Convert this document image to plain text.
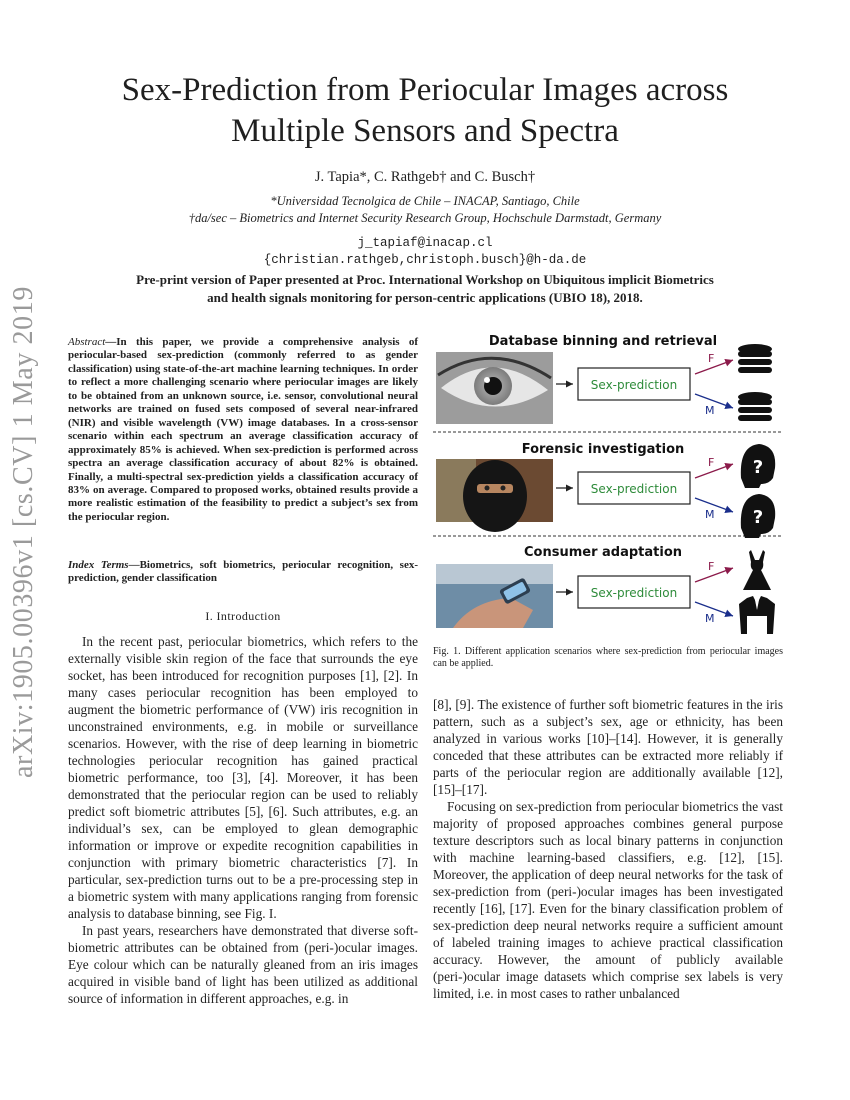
arXiv:1905.00396v1 [cs.CV] 1 May 2019
Sex-Prediction from Periocular Images across
Multiple Sensors and Spectra
J. Tapia*, C. Rathgeb† and C. Busch†
*Universidad Tecnolgica de Chile – INACAP, Santiago, Chile
†da/sec – Biometrics and Internet Security Research Group, Hochschule Darmstadt, Germany
j_tapiaf@inacap.cl
{christian.rathgeb,christoph.busch}@h-da.de
Pre-print version of Paper presented at Proc. International Workshop on Ubiquitous implicit Biometrics
and health signals monitoring for person-centric applications (UBIO 18), 2018.
Abstract—In this paper, we provide a comprehensive analysis of periocular-based sex-prediction (commonly referred to as gender classification) using state-of-the-art machine learning techniques. In order to reflect a more challenging scenario where periocular images are likely to be obtained from an unknown source, i.e. sensor, convolutional neural networks are trained on fused sets composed of several near-infrared (NIR) and visible wavelength (VW) image databases. In a cross-sensor scenario within each spectrum an average classification accuracy of approximately 85% is achieved. When sex-prediction is performed across spectra an average classification accuracy of about 82% is obtained. Finally, a multi-spectral sex-prediction yields a classification accuracy of 83% on average. Compared to proposed works, obtained results provide a more realistic estimation of the feasibility to predict a subject’s sex from the periocular region.
Index Terms—Biometrics, soft biometrics, periocular recognition, sex-prediction, gender classification
I. Introduction

In the recent past, periocular biometrics, which refers to the externally visible skin region of the face that surrounds the eye socket, has been introduced for recognition purposes [1], [2]. In many cases periocular recognition has been employed to augment the biometric performance of (VW) iris recognition in unconstrained environments, e.g. in mobile or surveillance scenarios. However, with the rise of deep learning in biometric technologies periocular recognition has gained practical biometric performance, too [3], [4]. Moreover, it has been demonstrated that the periocular region can be used to reliably predict soft biometric attributes [5], [6]. Such attributes, e.g. an individual’s sex, can be employed to glean demographic information or improve or expedite recognition capabilities in conjunction with primary biometric characteristics [7]. In particular, sex-prediction turns out to be a pre-processing step in a biometric system with many applications ranging from forensic analysis to database binning, see Fig. I.

In past years, researchers have demonstrated that diverse soft-biometric attributes can be obtained from (peri-)ocular images. Eye colour which can be naturally gleaned from an iris images acquired in visible band of light has been utilized as additional source of information in different approaches, e.g. in

Database binning and retrieval
Forensic investigation
Consumer adaptation
Sex-prediction
Sex-prediction
Sex-prediction
F
M
F
M
F
M
?
?
Fig. 1. Different application scenarios where sex-prediction from periocular images can be applied.

[8], [9]. The existence of further soft biometric features in the iris pattern, such as a subject’s sex, age or ethnicity, has been analyzed in various works [10]–[14]. However, it is generally conceded that these attributes can be extracted more reliably if parts of the periocular region are additionally available [12], [15]–[17].

Focusing on sex-prediction from periocular biometrics the vast majority of proposed approaches combines general purpose texture descriptors such as local binary patterns in conjunction with machine learning-based classifiers, e.g. [12], [15]. Moreover, the application of deep neural networks for the task of sex-prediction from (peri-)ocular images has been investigated recently [16], [17]. Even for the binary classification problem of sex-prediction deep neural networks require a sufficient amount of labeled training images to achieve practical classification accuracy. However, the amount of publicly available (peri-)ocular image datasets which comprise sex labels is very limited, i.e. in most cases to rather unbalanced
